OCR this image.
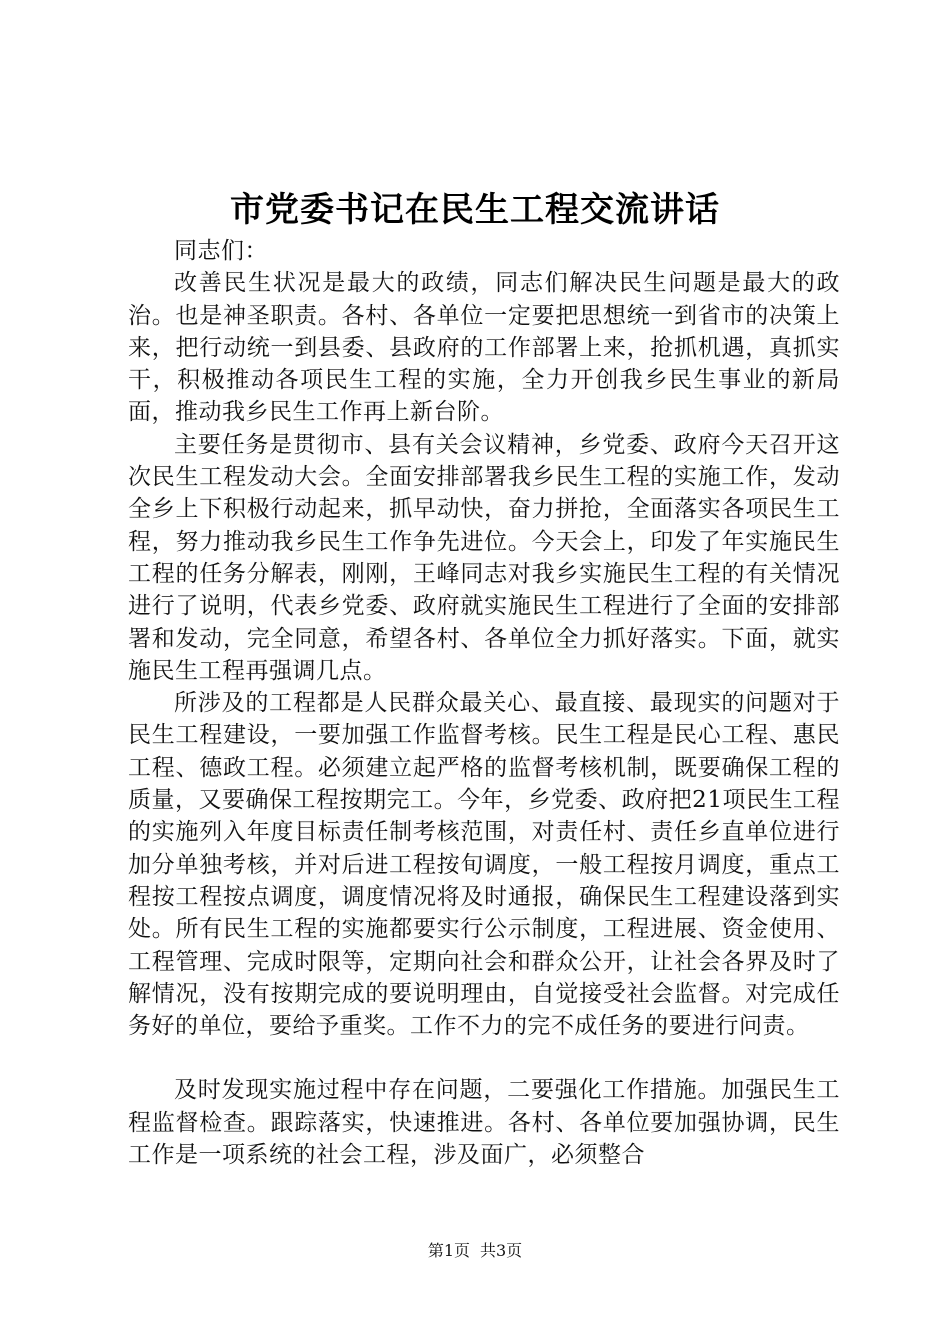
市党委书记在民生工程交流讲话

同志们：

改善民生状况是最大的政绩，同志们解决民生问题是最大的政治。也是神圣职责。各村、各单位一定要把思想统一到省市的决策上来，把行动统一到县委、县政府的工作部署上来，抢抓机遇，真抓实干，积极推动各项民生工程的实施，全力开创我乡民生事业的新局面，推动我乡民生工作再上新台阶。

主要任务是贯彻市、县有关会议精神，乡党委、政府今天召开这次民生工程发动大会。全面安排部署我乡民生工程的实施工作，发动全乡上下积极行动起来，抓早动快，奋力拼抢，全面落实各项民生工程，努力推动我乡民生工作争先进位。今天会上，印发了年实施民生工程的任务分解表，刚刚，王峰同志对我乡实施民生工程的有关情况进行了说明，代表乡党委、政府就实施民生工程进行了全面的安排部署和发动，完全同意，希望各村、各单位全力抓好落实。下面，就实施民生工程再强调几点。

所涉及的工程都是人民群众最关心、最直接、最现实的问题对于民生工程建设，一要加强工作监督考核。民生工程是民心工程、惠民工程、德政工程。必须建立起严格的监督考核机制，既要确保工程的质量，又要确保工程按期完工。今年，乡党委、政府把21项民生工程的实施列入年度目标责任制考核范围，对责任村、责任乡直单位进行加分单独考核，并对后进工程按旬调度，一般工程按月调度，重点工程按工程按点调度，调度情况将及时通报，确保民生工程建设落到实处。所有民生工程的实施都要实行公示制度，工程进展、资金使用、工程管理、完成时限等，定期向社会和群众公开，让社会各界及时了解情况，没有按期完成的要说明理由，自觉接受社会监督。对完成任务好的单位，要给予重奖。工作不力的完不成任务的要进行问责。

及时发现实施过程中存在问题，二要强化工作措施。加强民生工程监督检查。跟踪落实，快速推进。各村、各单位要加强协调，民生工作是一项系统的社会工程，涉及面广，必须整合

第1页 共3页
